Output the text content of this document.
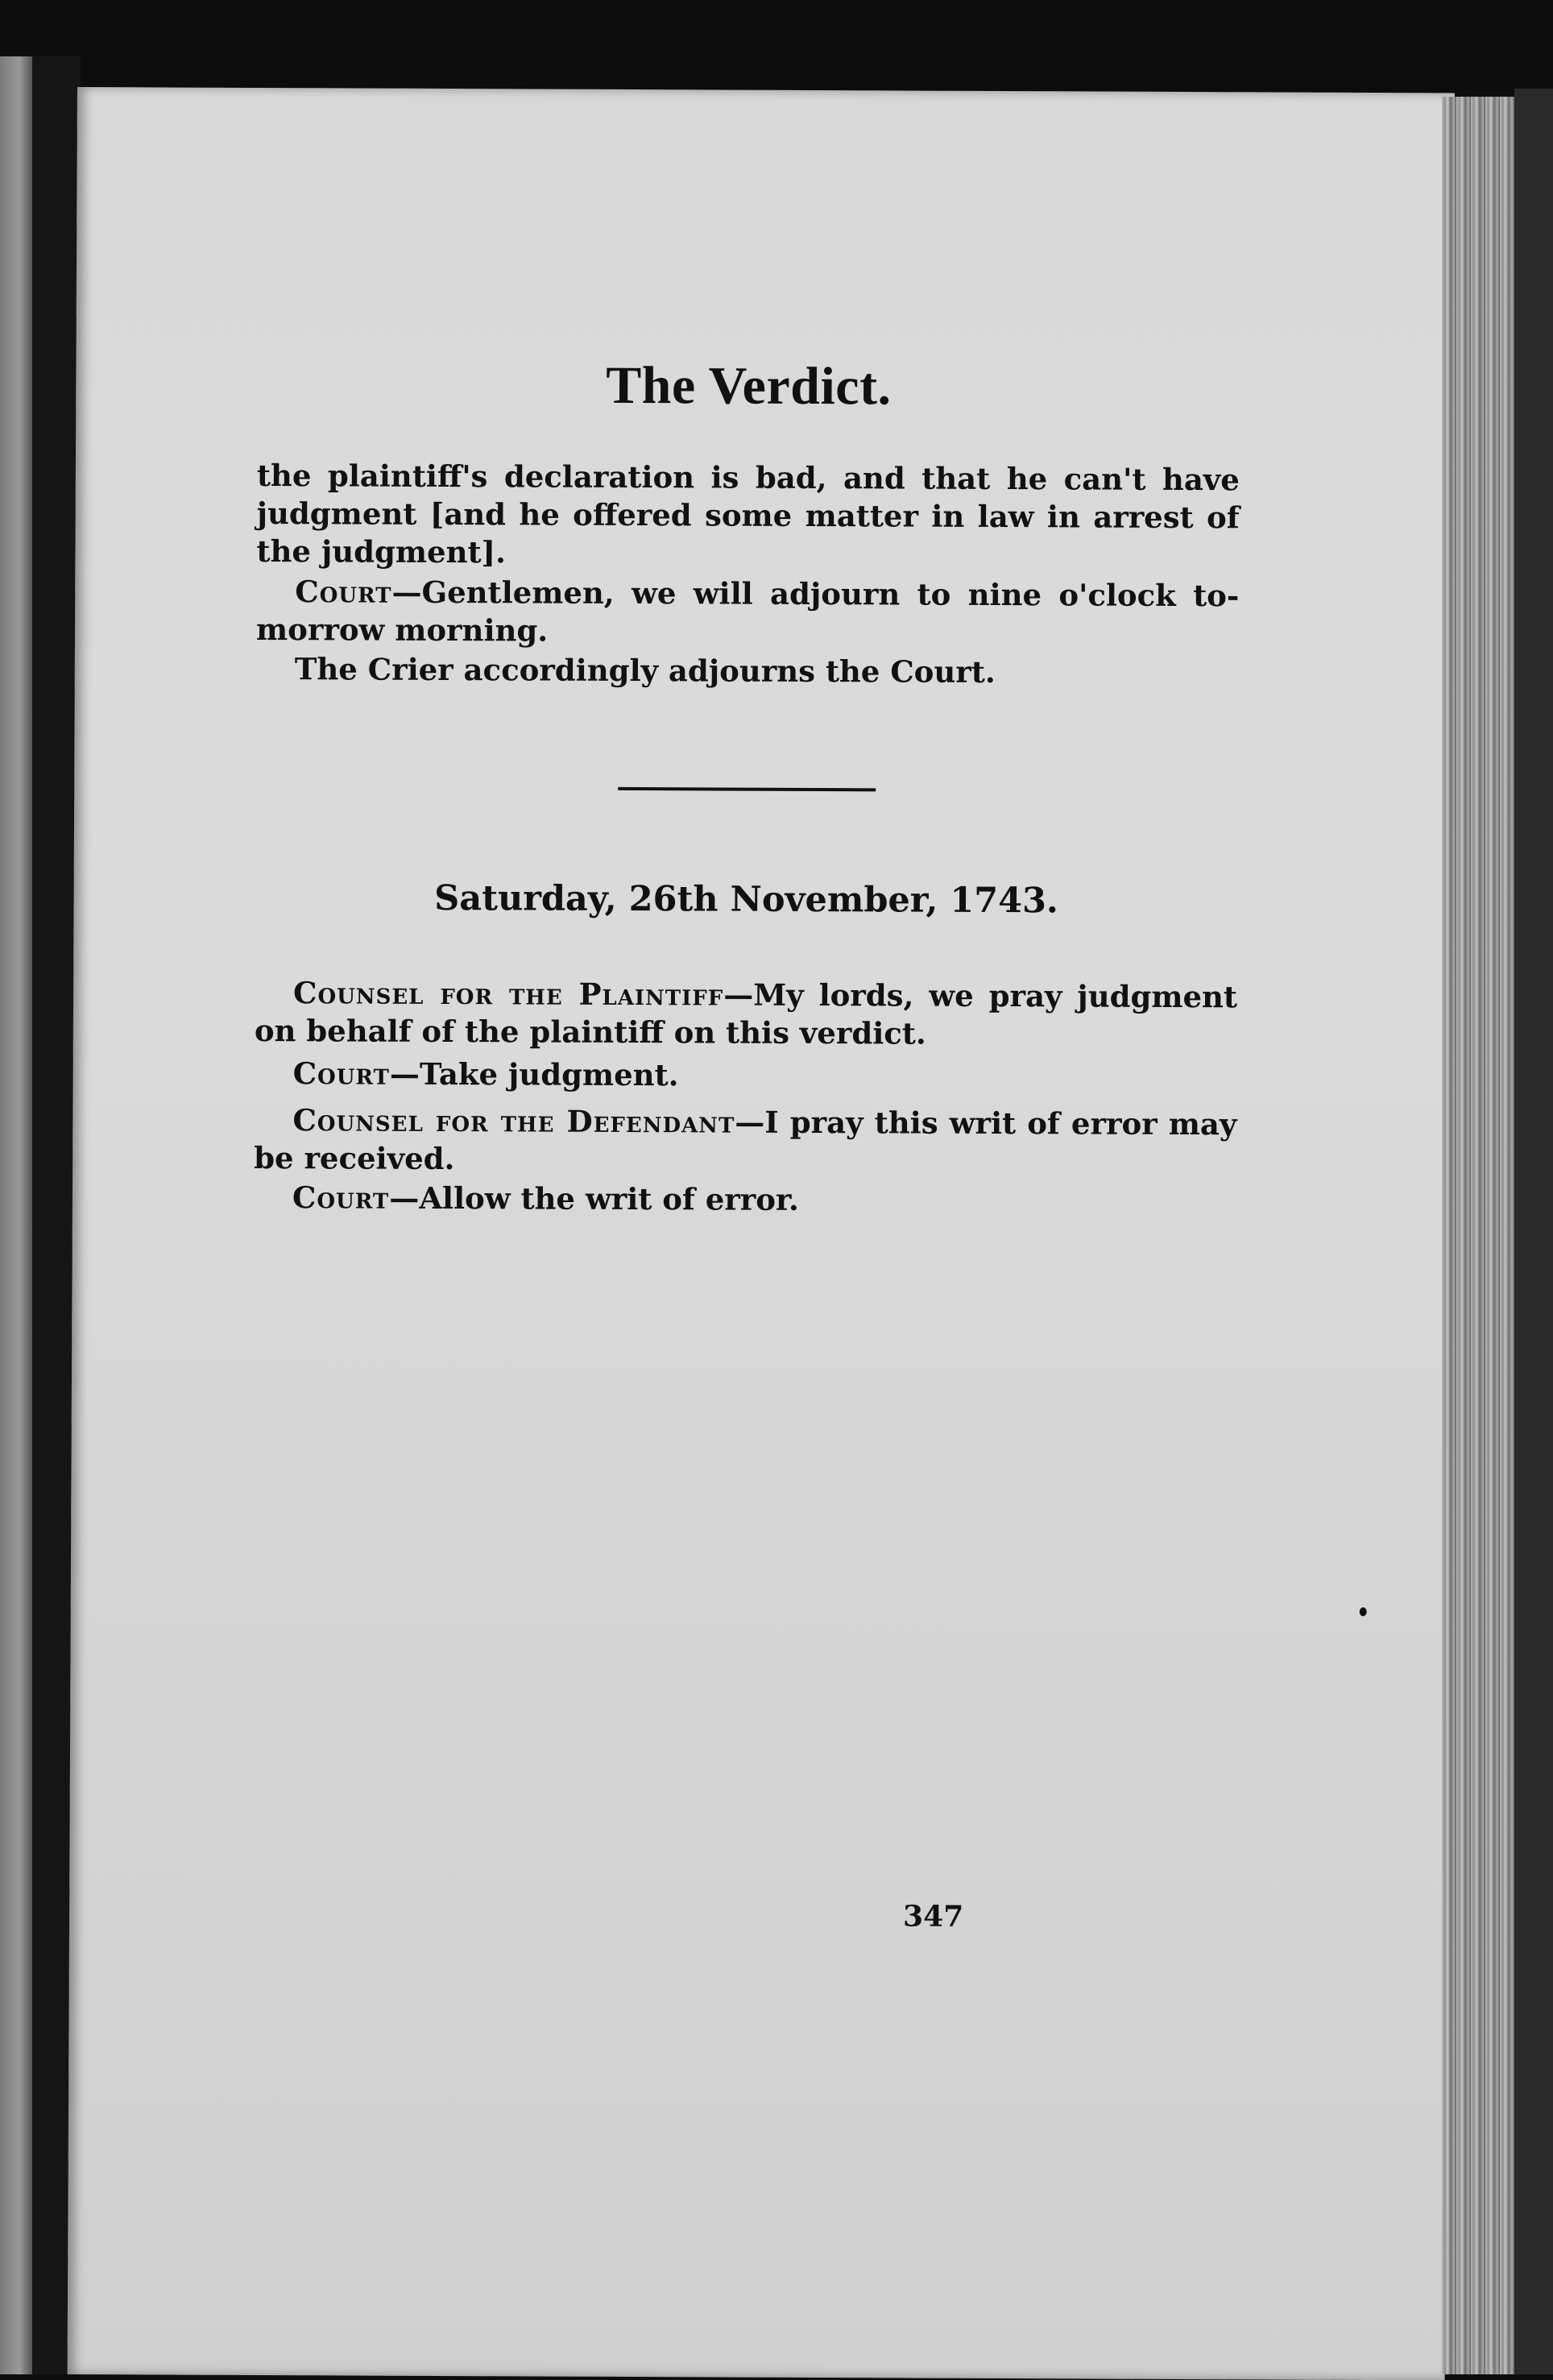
The Verdict.

the plaintiff's declaration is bad, and that he can't have judgment [and he offered some matter in law in arrest of the judgment].

Court—Gentlemen, we will adjourn to nine o'clock to-morrow morning.

The Crier accordingly adjourns the Court.

Saturday, 26th November, 1743.

Counsel for the Plaintiff—My lords, we pray judgment on behalf of the plaintiff on this verdict.

Court—Take judgment.

Counsel for the Defendant—I pray this writ of error may be received.

Court—Allow the writ of error.

347
